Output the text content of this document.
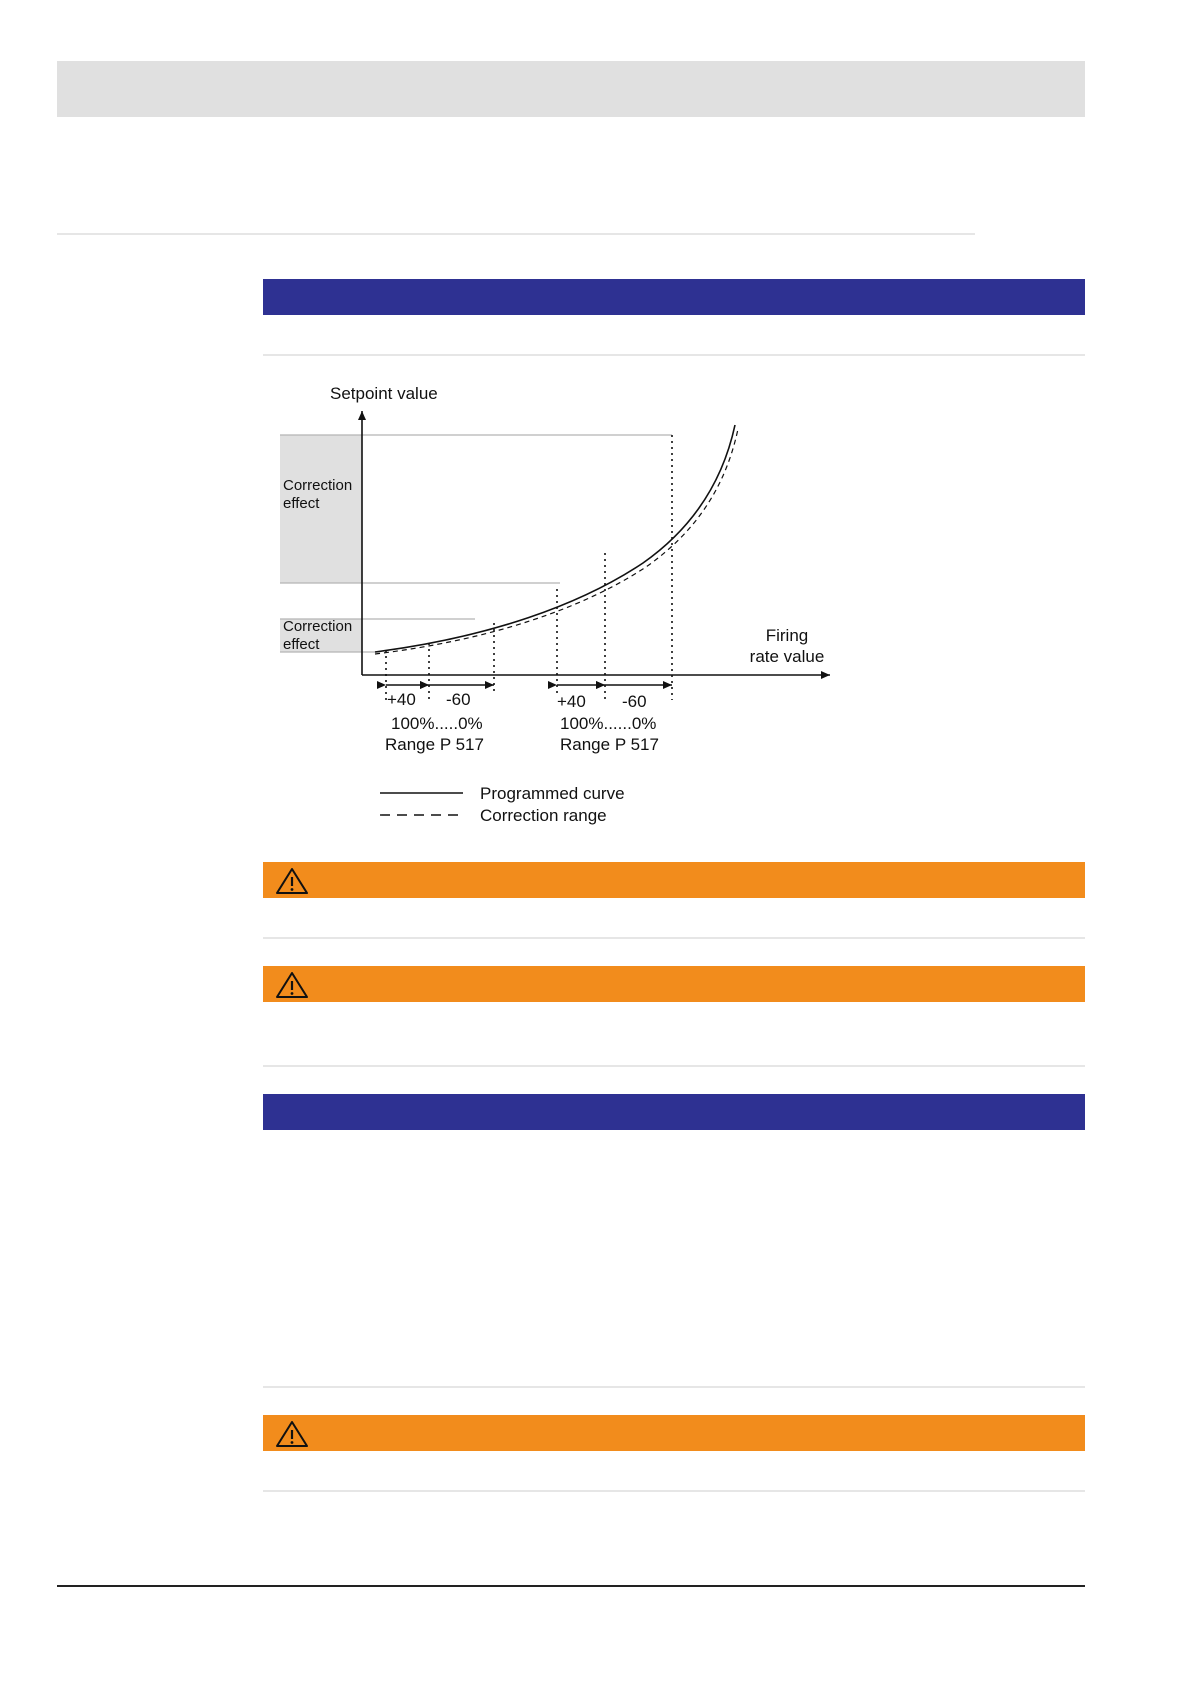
Setpoint value
Firing
rate value
Correction
effect
Correction
effect
+40 -60
100%.....0%
Range P 517
+40 -60
100%......0%
Range P 517
Programmed curve
Correction range
